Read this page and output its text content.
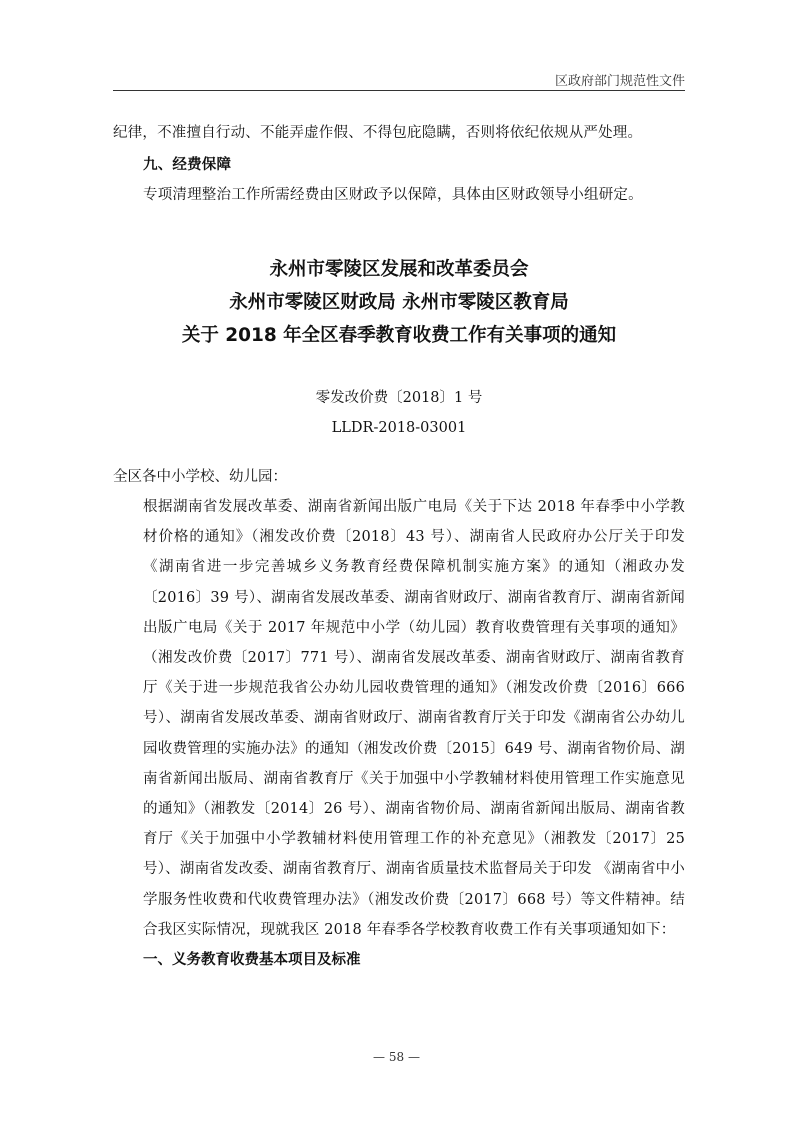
区政府部门规范性文件

纪律，不准擅自行动、不能弄虚作假、不得包庇隐瞒，否则将依纪依规从严处理。

九、经费保障

专项清理整治工作所需经费由区财政予以保障，具体由区财政领导小组研定。

永州市零陵区发展和改革委员会

永州市零陵区财政局 永州市零陵区教育局

关于 2018 年全区春季教育收费工作有关事项的通知

零发改价费〔2018〕1 号
LLDR-2018-03001

全区各中小学校、幼儿园：

根据湖南省发展改革委、湖南省新闻出版广电局《关于下达 2018 年春季中小学教材价格的通知》（湘发改价费〔2018〕43 号）、湖南省人民政府办公厅关于印发《湖南省进一步完善城乡义务教育经费保障机制实施方案》的通知（湘政办发〔2016〕39 号）、湖南省发展改革委、湖南省财政厅、湖南省教育厅、湖南省新闻出版广电局《关于 2017 年规范中小学（幼儿园）教育收费管理有关事项的通知》（湘发改价费〔2017〕771 号）、湖南省发展改革委、湖南省财政厅、湖南省教育厅《关于进一步规范我省公办幼儿园收费管理的通知》（湘发改价费〔2016〕666 号）、湖南省发展改革委、湖南省财政厅、湖南省教育厅关于印发《湖南省公办幼儿园收费管理的实施办法》的通知（湘发改价费〔2015〕649 号、湖南省物价局、湖南省新闻出版局、湖南省教育厅《关于加强中小学教辅材料使用管理工作实施意见的通知》（湘教发〔2014〕26 号）、湖南省物价局、湖南省新闻出版局、湖南省教育厅《关于加强中小学教辅材料使用管理工作的补充意见》（湘教发〔2017〕25 号）、湖南省发改委、湖南省教育厅、湖南省质量技术监督局关于印发 《湖南省中小学服务性收费和代收费管理办法》（湘发改价费〔2017〕668 号）等文件精神。结合我区实际情况，现就我区 2018 年春季各学校教育收费工作有关事项通知如下：

一、义务教育收费基本项目及标准

— 58 —
